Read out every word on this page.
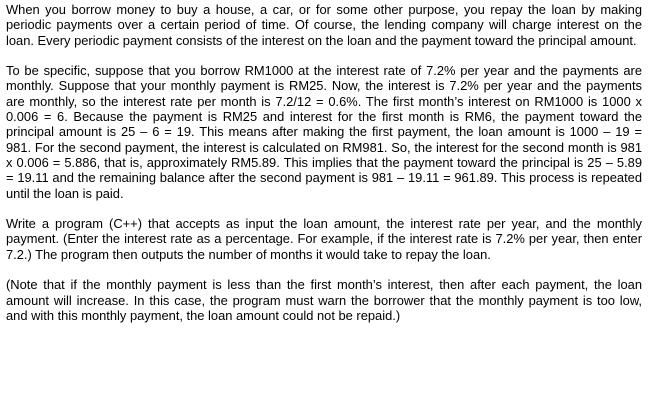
When you borrow money to buy a house, a car, or for some other purpose, you repay the loan by making periodic payments over a certain period of time. Of course, the lending company will charge interest on the loan. Every periodic payment consists of the interest on the loan and the payment toward the principal amount.

To be specific, suppose that you borrow RM1000 at the interest rate of 7.2% per year and the payments are monthly. Suppose that your monthly payment is RM25. Now, the interest is 7.2% per year and the payments are monthly, so the interest rate per month is 7.2/12 = 0.6%. The first month’s interest on RM1000 is 1000 x 0.006 = 6. Because the payment is RM25 and interest for the first month is RM6, the payment toward the principal amount is 25 – 6 = 19. This means after making the first payment, the loan amount is 1000 – 19 = 981. For the second payment, the interest is calculated on RM981. So, the interest for the second month is 981 x 0.006 = 5.886, that is, approximately RM5.89. This implies that the payment toward the principal is 25 – 5.89 = 19.11 and the remaining balance after the second payment is 981 – 19.11 = 961.89. This process is repeated until the loan is paid.

Write a program (C++) that accepts as input the loan amount, the interest rate per year, and the monthly payment. (Enter the interest rate as a percentage. For example, if the interest rate is 7.2% per year, then enter 7.2.) The program then outputs the number of months it would take to repay the loan.

(Note that if the monthly payment is less than the first month’s interest, then after each payment, the loan amount will increase. In this case, the program must warn the borrower that the monthly payment is too low, and with this monthly payment, the loan amount could not be repaid.)
